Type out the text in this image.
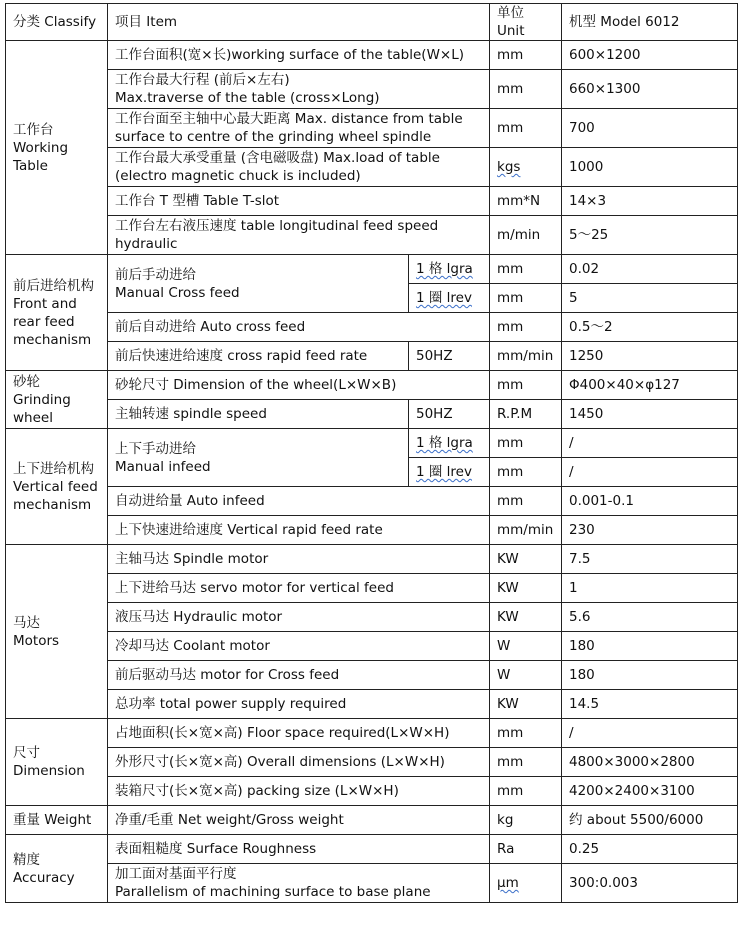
分类 Classify	项目 Item		单位 Unit	机型 Model 6012
工作台
Working
Table	工作台面积(宽×长)working surface of the table(W×L)		mm	600×1200
	工作台最大行程 (前后×左右)
Max.traverse of the table (cross×Long)		mm	660×1300
	工作台面至主轴中心最大距离 Max. distance from table
surface to centre of the grinding wheel spindle		mm	700
	工作台最大承受重量 (含电磁吸盘) Max.load of table
(electro magnetic chuck is included)		kgs	1000
	工作台 T 型槽 Table T-slot		mm*N	14×3
	工作台左右液压速度 table longitudinal feed speed
hydraulic		m/min	5～25
前后进给机构
Front and
rear feed
mechanism	前后手动进给
Manual Cross feed	1 格 lgra	mm	0.02
		1 圈 lrev	mm	5
	前后自动进给 Auto cross feed		mm	0.5～2
	前后快速进给速度 cross rapid feed rate	50HZ	mm/min	1250
砂轮
Grinding
wheel	砂轮尺寸 Dimension of the wheel(L×W×B)		mm	Φ400×40×φ127
	主轴转速 spindle speed	50HZ	R.P.M	1450
上下进给机构
Vertical feed
mechanism	上下手动进给
Manual infeed	1 格 lgra	mm	/
		1 圈 lrev	mm	/
	自动进给量 Auto infeed		mm	0.001-0.1
	上下快速进给速度 Vertical rapid feed rate		mm/min	230
马达
Motors	主轴马达 Spindle motor		KW	7.5
	上下进给马达 servo motor for vertical feed		KW	1
	液压马达 Hydraulic motor		KW	5.6
	冷却马达 Coolant motor		W	180
	前后驱动马达 motor for Cross feed		W	180
	总功率 total power supply required		KW	14.5
尺寸
Dimension	占地面积(长×宽×高) Floor space required(L×W×H)		mm	/
	外形尺寸(长×宽×高) Overall dimensions (L×W×H)		mm	4800×3000×2800
	装箱尺寸(长×宽×高) packing size (L×W×H)		mm	4200×2400×3100
重量 Weight	净重/毛重 Net weight/Gross weight		kg	约 about 5500/6000
精度
Accuracy	表面粗糙度 Surface Roughness		Ra	0.25
	加工面对基面平行度
Parallelism of machining surface to base plane		μm	300:0.003
